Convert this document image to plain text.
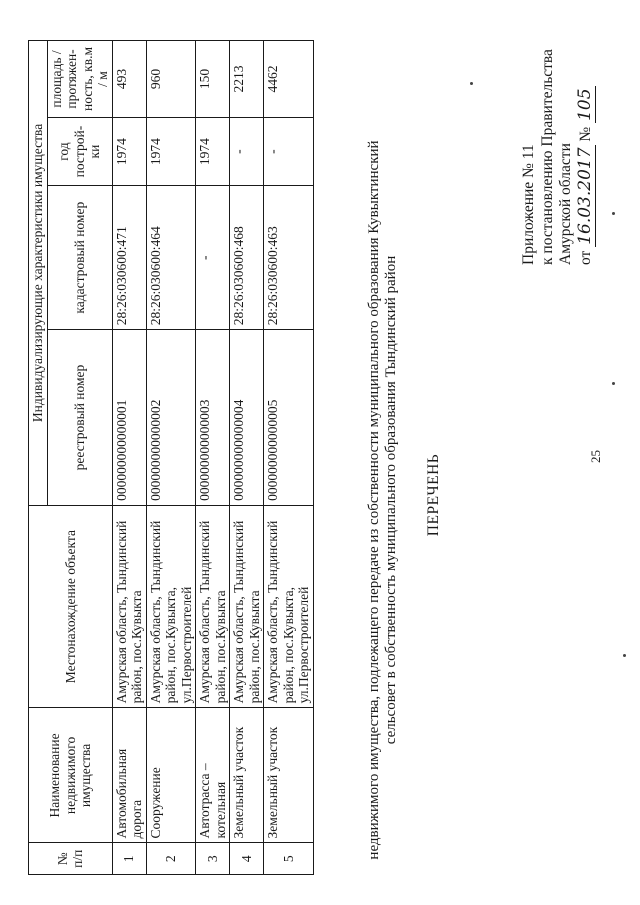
25
Приложение № 11 к постановлению Правительства Амурской области от 16.03.2017 № 105
ПЕРЕЧЕНЬ
недвижимого имущества, подлежащего передаче из собственности муниципального образования Кувыктинский сельсовет в собственность муниципального образования Тындинский район
№ п/п	Наименование недвижимого имущества	Местонахождение объекта	Индивидуализирующие характеристики имущества			
			реестровый номер	кадастровый номер	год построй-ки	площадь / протяжен-ность, кв.м / м
1	Автомобильная дорога	Амурская область, Тындинский район, пос.Кувыкта	000000000000001	28:26:030600:471	1974	493
2	Сооружение	Амурская область, Тындинский район, пос.Кувыкта, ул.Первостроителей	000000000000002	28:26:030600:464	1974	960
3	Автотрасса – котельная	Амурская область, Тындинский район, пос.Кувыкта	000000000000003	-	1974	150
4	Земельный участок	Амурская область, Тындинский район, пос.Кувыкта	000000000000004	28:26:030600:468	-	2213
5	Земельный участок	Амурская область, Тындинский район, пос.Кувыкта, ул.Первостроителей	000000000000005	28:26:030600:463	-	4462
